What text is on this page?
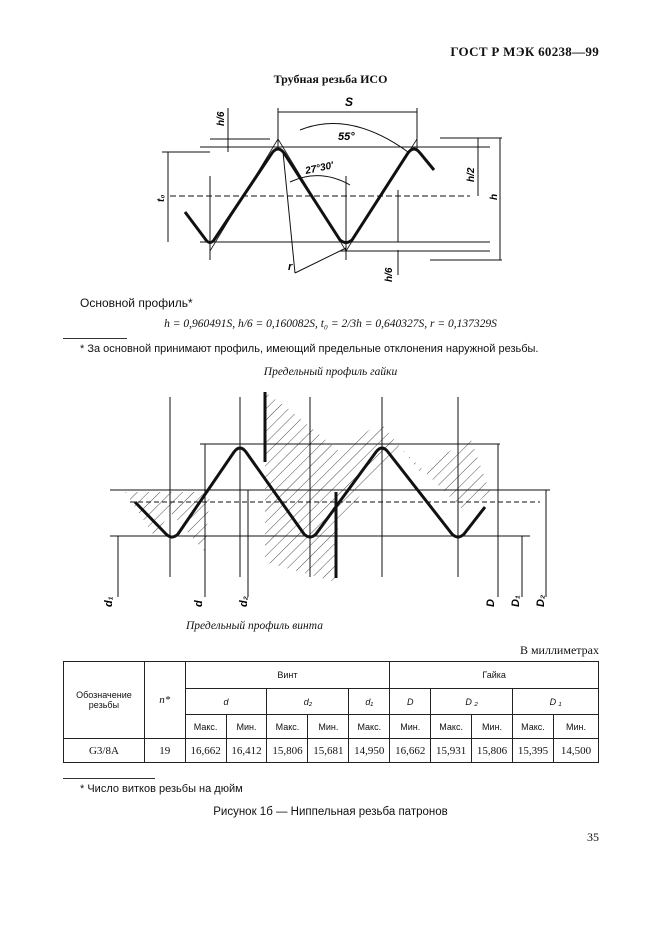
ГОСТ Р МЭК 60238—99
Трубная резьба ИСО
S
55°
27°30'
h/6
h/2
h
t₀
r
h/6
Основной профиль*
h = 0,960491S, h/6 = 0,160082S, t₀ = 2/3h = 0,640327S, r = 0,137329S
* За основной принимают профиль, имеющий предельные отклонения наружной резьбы.
Предельный профиль гайки
d₁	d	d₂	D D₁ D₂
Предельный профиль винта
В миллиметрах
Обозначение резьбы	n*	Винт					Гайка				
		d		d₂		d₁	D	D ₂		D ₁	
		Макс.	Мин.	Макс.	Мин.	Макс.	Мин.	Макс.	Мин.	Макс.	Мин.
G3/8A	19	16,662	16,412	15,806	15,681	14,950	16,662	15,931	15,806	15,395	14,500
* Число витков резьбы на дюйм
Рисунок 1б — Ниппельная резьба патронов
35
